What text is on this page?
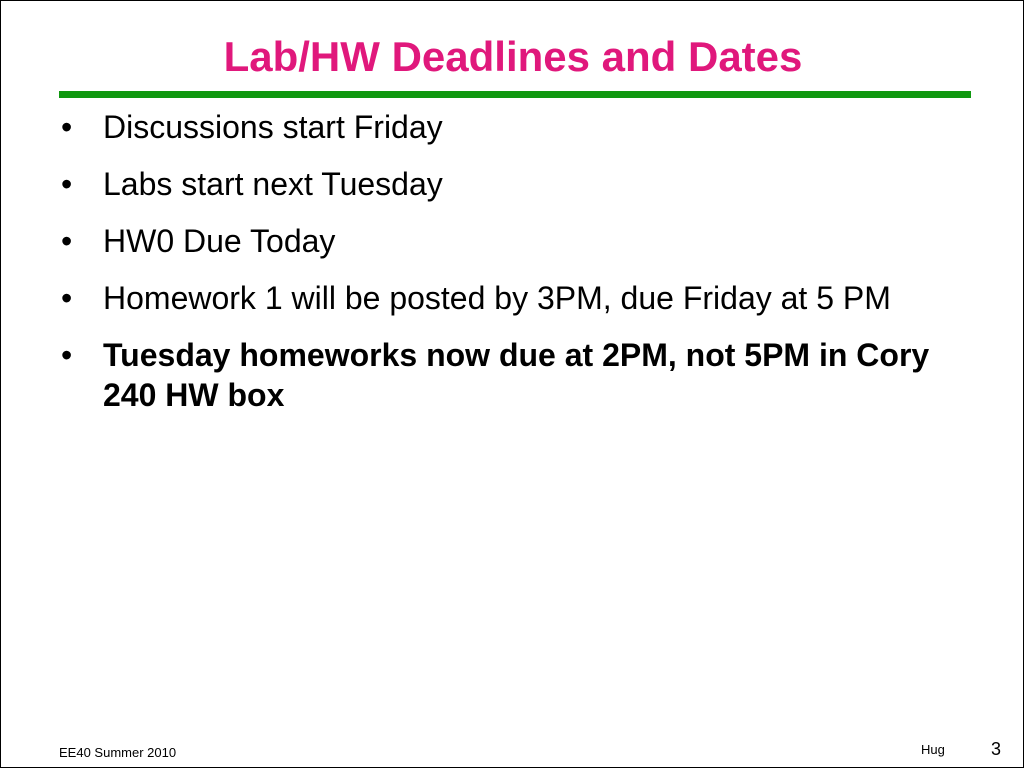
Lab/HW Deadlines and Dates
• Discussions start Friday
• Labs start next Tuesday
• HW0 Due Today
• Homework 1 will be posted by 3PM, due Friday at 5 PM
• Tuesday homeworks now due at 2PM, not 5PM in Cory 240 HW box
EE40 Summer 2010	Hug	3
